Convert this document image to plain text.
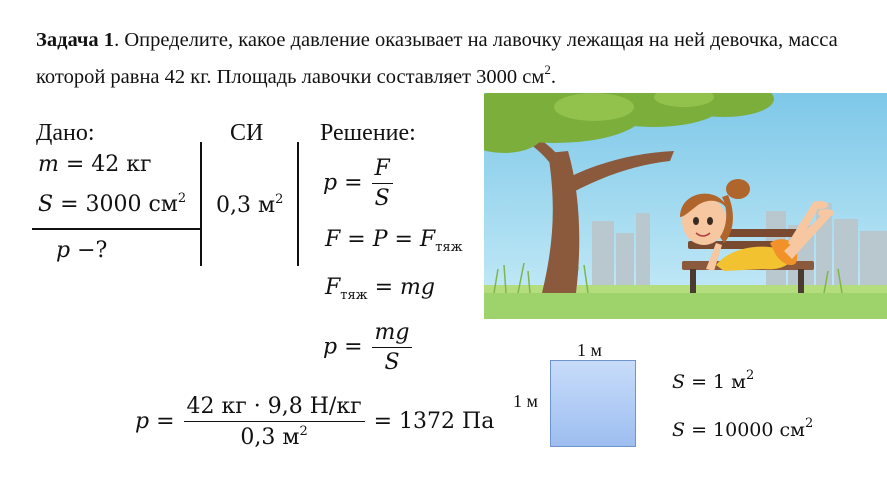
Задача 1. Определите, какое давление оказывает на лавочку лежащая на ней девочка, масса которой равна 42 кг. Площадь лавочки составляет 3000 $см^2$.
Дано:	СИ Решение:
m = 42 кг
S = 3000 $см^2$
p −?
0,3 $м^2$
$p = \frac{F}{S}$
$F = P = F_{тяж}$
$F_{тяж}$ = mg
$p = \frac{mg}{S}$
$p = \frac{42 кг \cdot 9,8 Н/кг}{0,3 м^2} = 1372$ Па
1 м
1 м
S = 1 $м^2$
S = 10000 $см^2$
